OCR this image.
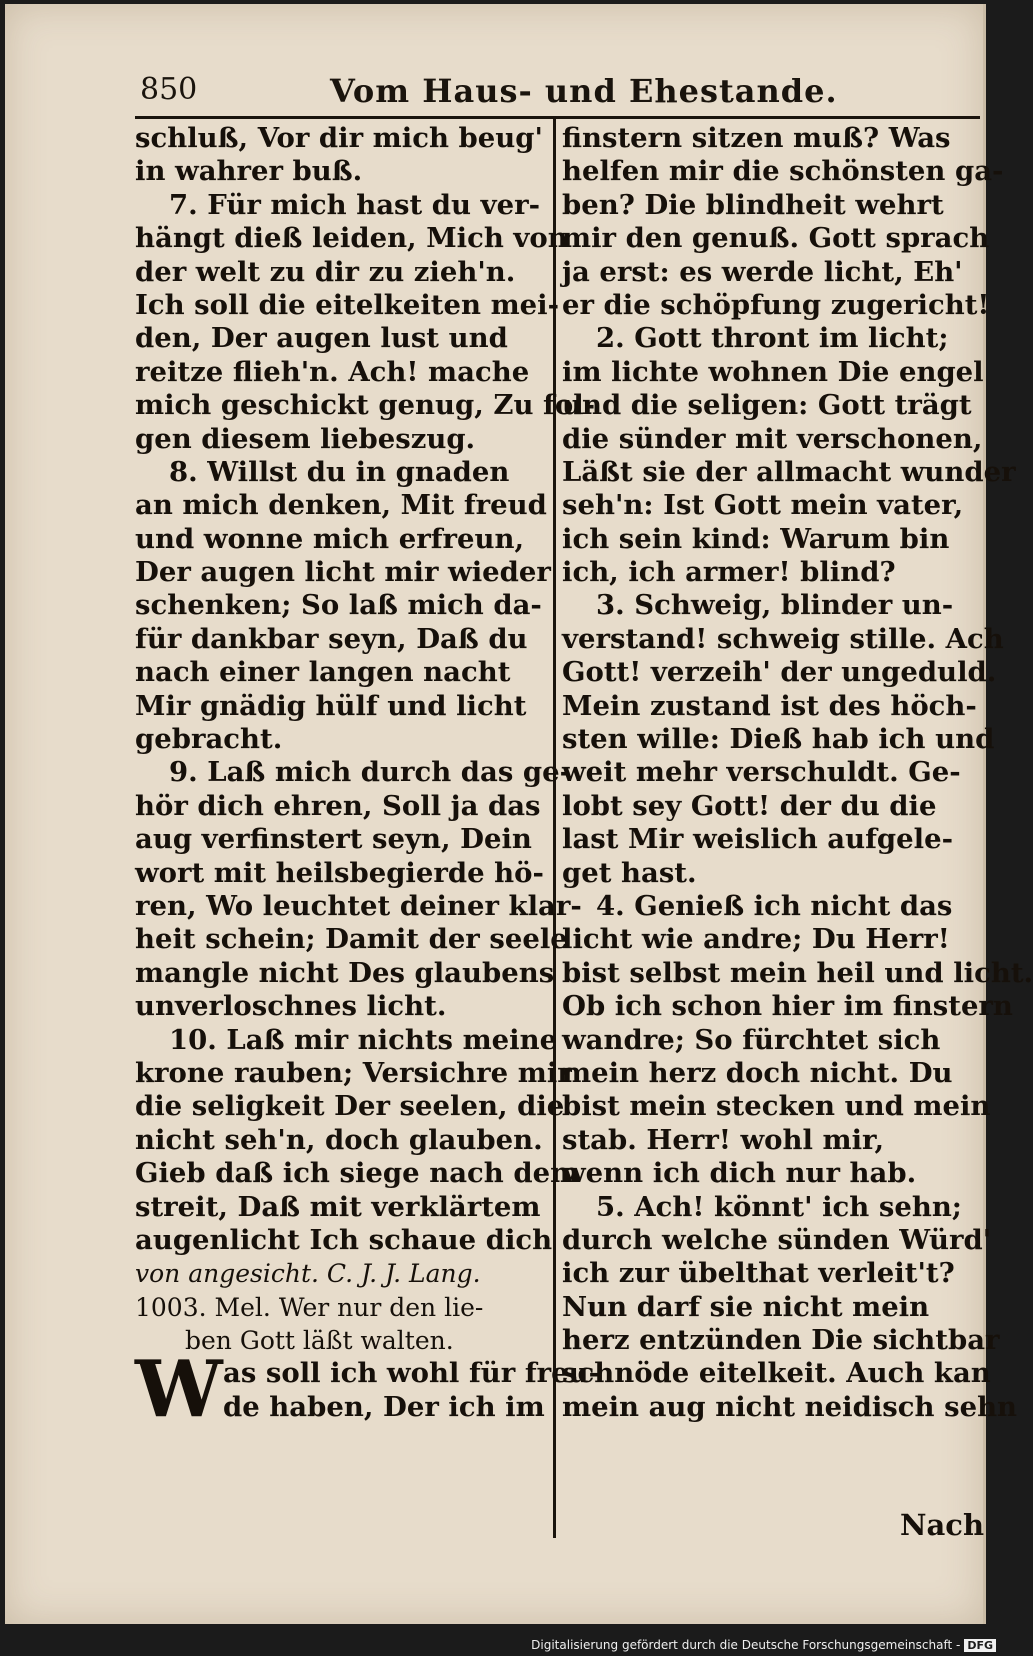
850	Vom Haus- und Ehestande.
schluß, Vor dir mich beug'
in wahrer buß.
7. Für mich hast du ver-
hängt dieß leiden, Mich von
der welt zu dir zu zieh'n.
Ich soll die eitelkeiten mei-
den, Der augen lust und
reitze flieh'n. Ach! mache
mich geschickt genug, Zu fol-
gen diesem liebeszug.
8. Willst du in gnaden
an mich denken, Mit freud
und wonne mich erfreun,
Der augen licht mir wieder
schenken; So laß mich da-
für dankbar seyn, Daß du
nach einer langen nacht
Mir gnädig hülf und licht
gebracht.
9. Laß mich durch das ge-
hör dich ehren, Soll ja das
aug verfinstert seyn, Dein
wort mit heilsbegierde hö-
ren, Wo leuchtet deiner klar-
heit schein; Damit der seele
mangle nicht Des glaubens
unverloschnes licht.
10. Laß mir nichts meine
krone rauben; Versichre mir
die seligkeit Der seelen, die
nicht seh'n, doch glauben.
Gieb daß ich siege nach dem
streit, Daß mit verklärtem
augenlicht Ich schaue dich
von angesicht. C. J. J. Lang.
1003. Mel. Wer nur den lie-
ben Gott läßt walten.
W as soll ich wohl für freu-
de haben, Der ich im
finstern sitzen muß? Was
helfen mir die schönsten ga-
ben? Die blindheit wehrt
mir den genuß. Gott sprach
ja erst: es werde licht, Eh'
er die schöpfung zugericht!
2. Gott thront im licht;
im lichte wohnen Die engel
und die seligen: Gott trägt
die sünder mit verschonen,
Läßt sie der allmacht wunder
seh'n: Ist Gott mein vater,
ich sein kind: Warum bin
ich, ich armer! blind?
3. Schweig, blinder un-
verstand! schweig stille. Ach
Gott! verzeih' der ungeduld.
Mein zustand ist des höch-
sten wille: Dieß hab ich und
weit mehr verschuldt. Ge-
lobt sey Gott! der du die
last Mir weislich aufgele-
get hast.
4. Genieß ich nicht das
licht wie andre; Du Herr!
bist selbst mein heil und licht.
Ob ich schon hier im finstern
wandre; So fürchtet sich
mein herz doch nicht. Du
bist mein stecken und mein
stab. Herr! wohl mir,
wenn ich dich nur hab.
5. Ach! könnt' ich sehn;
durch welche sünden Würd'
ich zur übelthat verleit't?
Nun darf sie nicht mein
herz entzünden Die sichtbar
schnöde eitelkeit. Auch kan
mein aug nicht neidisch sehn
Nach
Digitalisierung gefördert durch die Deutsche Forschungsgemeinschaft - DFG
